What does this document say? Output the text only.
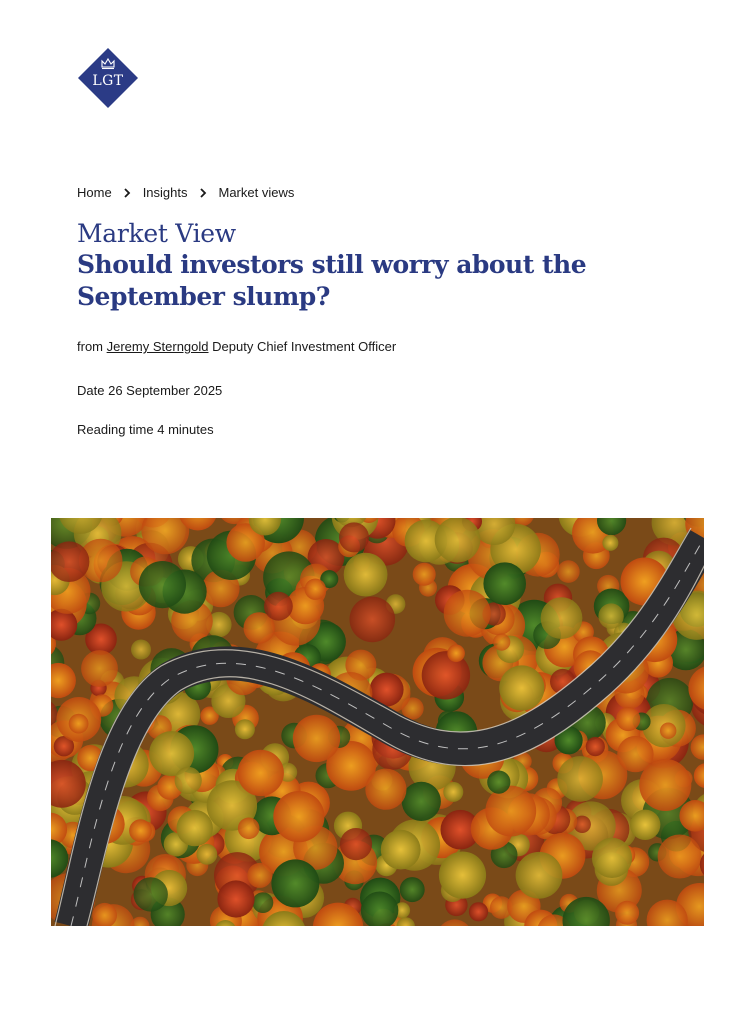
LGT
Home Insights Market views

Market View

Should investors still worry about the September slump?
from Jeremy Sterngold Deputy Chief Investment Officer
Date 26 September 2025
Reading time 4 minutes
